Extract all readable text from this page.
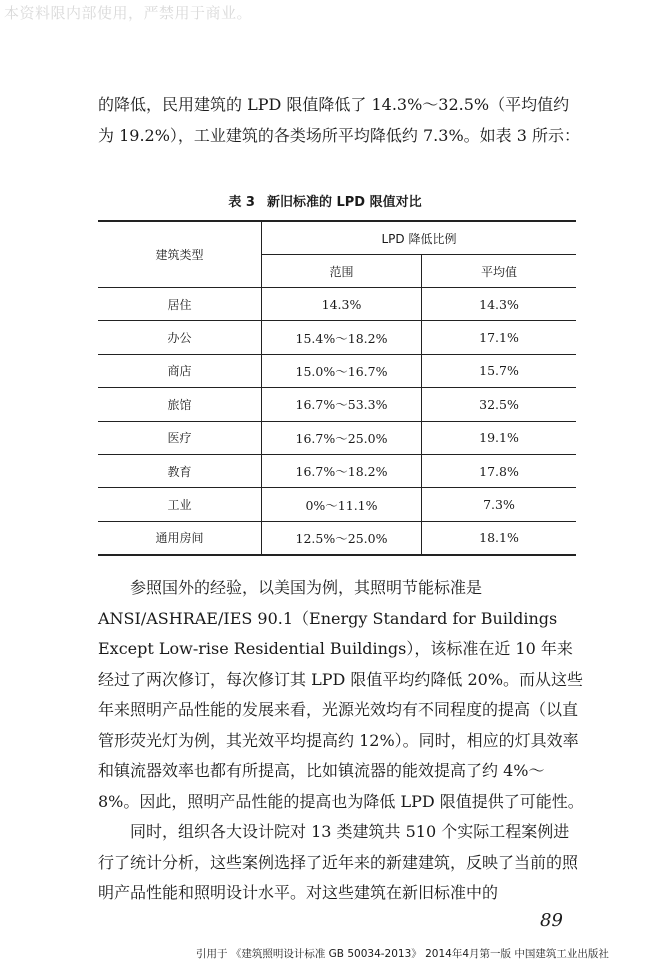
本资料限内部使用，严禁用于商业。

的降低，民用建筑的 LPD 限值降低了 14.3%～32.5%（平均值约为 19.2%），工业建筑的各类场所平均降低约 7.3%。如表 3 所示：

表 3 新旧标准的 LPD 限值对比

建筑类型	LPD 降低比例	
	范围	平均值
居住	14.3%	14.3%
办公	15.4%～18.2%	17.1%
商店	15.0%～16.7%	15.7%
旅馆	16.7%～53.3%	32.5%
医疗	16.7%～25.0%	19.1%
教育	16.7%～18.2%	17.8%
工业	0%～11.1%	7.3%
通用房间	12.5%～25.0%	18.1%

参照国外的经验，以美国为例，其照明节能标准是 ANSI/ASHRAE/IES 90.1（Energy Standard for Buildings Except Low-rise Residential Buildings），该标准在近 10 年来经过了两次修订，每次修订其 LPD 限值平均约降低 20%。而从这些年来照明产品性能的发展来看，光源光效均有不同程度的提高（以直管形荧光灯为例，其光效平均提高约 12%）。同时，相应的灯具效率和镇流器效率也都有所提高，比如镇流器的能效提高了约 4%～8%。因此，照明产品性能的提高也为降低 LPD 限值提供了可能性。

同时，组织各大设计院对 13 类建筑共 510 个实际工程案例进行了统计分析，这些案例选择了近年来的新建建筑，反映了当前的照明产品性能和照明设计水平。对这些建筑在新旧标准中的

89

引用于 《建筑照明设计标准 GB 50034-2013》 2014年4月第一版 中国建筑工业出版社
